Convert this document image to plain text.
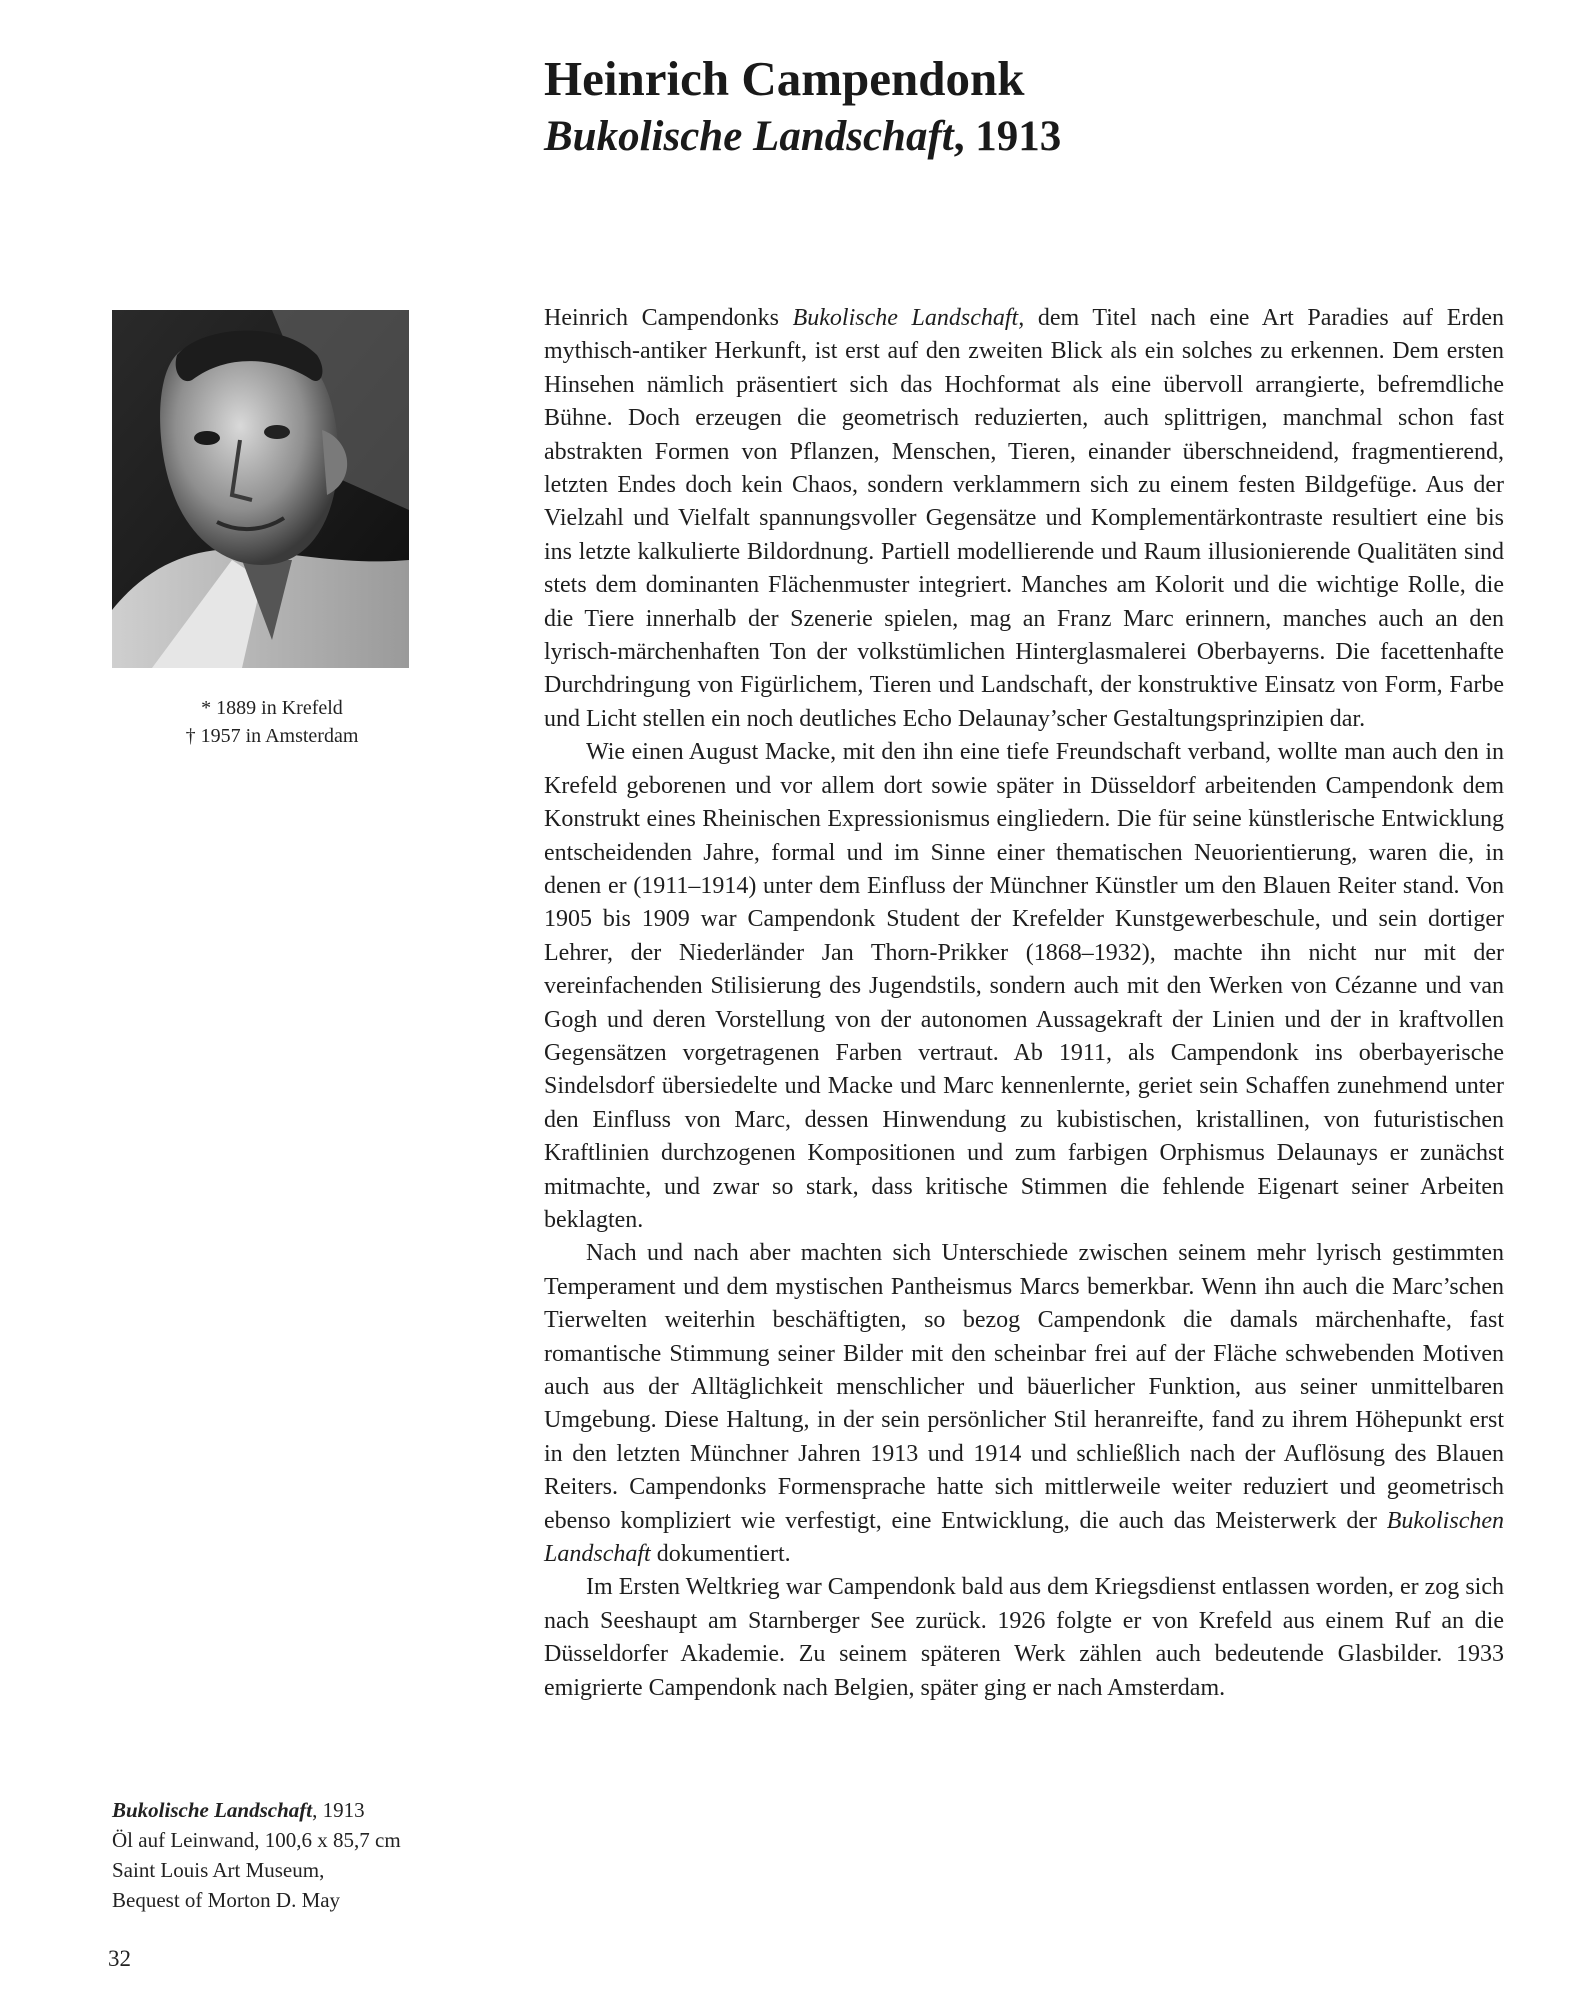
Heinrich Campendonk
Bukolische Landschaft, 1913
* 1889 in Krefeld
† 1957 in Amsterdam

Heinrich Campendonks Bukolische Landschaft, dem Titel nach eine Art Paradies auf Erden mythisch-antiker Herkunft, ist erst auf den zweiten Blick als ein solches zu erkennen. Dem ersten Hinsehen nämlich präsentiert sich das Hochformat als eine übervoll arrangierte, befremdliche Bühne. Doch erzeugen die geometrisch reduzierten, auch splittrigen, manchmal schon fast abstrakten Formen von Pflanzen, Menschen, Tieren, einander überschneidend, fragmentierend, letzten Endes doch kein Chaos, sondern verklammern sich zu einem festen Bildgefüge. Aus der Vielzahl und Vielfalt spannungsvoller Gegensätze und Komplementärkontraste resultiert eine bis ins letzte kalkulierte Bildordnung. Partiell modellierende und Raum illusionierende Qualitäten sind stets dem dominanten Flächenmuster integriert. Manches am Kolorit und die wichtige Rolle, die die Tiere innerhalb der Szenerie spielen, mag an Franz Marc erinnern, manches auch an den lyrisch-märchenhaften Ton der volkstümlichen Hinterglasmalerei Oberbayerns. Die facettenhafte Durchdringung von Figürlichem, Tieren und Landschaft, der konstruktive Einsatz von Form, Farbe und Licht stellen ein noch deutliches Echo Delaunay’scher Gestaltungsprinzipien dar.

Wie einen August Macke, mit den ihn eine tiefe Freundschaft verband, wollte man auch den in Krefeld geborenen und vor allem dort sowie später in Düsseldorf arbeitenden Campendonk dem Konstrukt eines Rheinischen Expressionismus eingliedern. Die für seine künstlerische Entwicklung entscheidenden Jahre, formal und im Sinne einer thematischen Neuorientierung, waren die, in denen er (1911–1914) unter dem Einfluss der Münchner Künstler um den Blauen Reiter stand. Von 1905 bis 1909 war Campendonk Student der Krefelder Kunstgewerbeschule, und sein dortiger Lehrer, der Niederländer Jan Thorn-Prikker (1868–1932), machte ihn nicht nur mit der vereinfachenden Stilisierung des Jugendstils, sondern auch mit den Werken von Cézanne und van Gogh und deren Vorstellung von der autonomen Aussagekraft der Linien und der in kraftvollen Gegensätzen vorgetragenen Farben vertraut. Ab 1911, als Campendonk ins oberbayerische Sindelsdorf übersiedelte und Macke und Marc kennenlernte, geriet sein Schaffen zunehmend unter den Einfluss von Marc, dessen Hinwendung zu kubistischen, kristallinen, von futuristischen Kraftlinien durchzogenen Kompositionen und zum farbigen Orphismus Delaunays er zunächst mitmachte, und zwar so stark, dass kritische Stimmen die fehlende Eigenart seiner Arbeiten beklagten.

Nach und nach aber machten sich Unterschiede zwischen seinem mehr lyrisch gestimmten Temperament und dem mystischen Pantheismus Marcs bemerkbar. Wenn ihn auch die Marc’schen Tierwelten weiterhin beschäftigten, so bezog Campendonk die damals märchenhafte, fast romantische Stimmung seiner Bilder mit den scheinbar frei auf der Fläche schwebenden Motiven auch aus der Alltäglichkeit menschlicher und bäuerlicher Funktion, aus seiner unmittelbaren Umgebung. Diese Haltung, in der sein persönlicher Stil heranreifte, fand zu ihrem Höhepunkt erst in den letzten Münchner Jahren 1913 und 1914 und schließlich nach der Auflösung des Blauen Reiters. Campendonks Formensprache hatte sich mittlerweile weiter reduziert und geometrisch ebenso kompliziert wie verfestigt, eine Entwicklung, die auch das Meisterwerk der Bukolischen Landschaft dokumentiert.

Im Ersten Weltkrieg war Campendonk bald aus dem Kriegsdienst entlassen worden, er zog sich nach Seeshaupt am Starnberger See zurück. 1926 folgte er von Krefeld aus einem Ruf an die Düsseldorfer Akademie. Zu seinem späteren Werk zählen auch bedeutende Glasbilder. 1933 emigrierte Campendonk nach Belgien, später ging er nach Amsterdam.

Bukolische Landschaft, 1913
Öl auf Leinwand, 100,6 x 85,7 cm
Saint Louis Art Museum,
Bequest of Morton D. May
32
